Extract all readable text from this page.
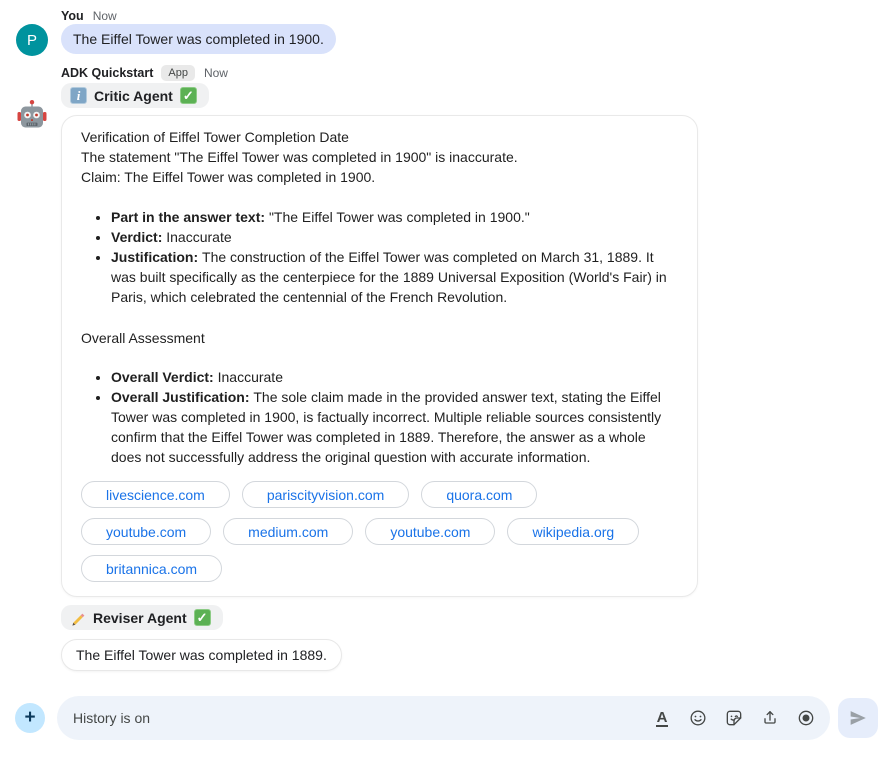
P
You Now
The Eiffel Tower was completed in 1900.
ADK Quickstart	App	Now
i Critic Agent ✓

Verification of Eiffel Tower Completion Date

The statement "The Eiffel Tower was completed in 1900" is inaccurate.

Claim: The Eiffel Tower was completed in 1900.

• Part in the answer text: "The Eiffel Tower was completed in 1900."
• Verdict: Inaccurate
• Justification: The construction of the Eiffel Tower was completed on March 31, 1889. It was built specifically as the centerpiece for the 1889 Universal Exposition (World's Fair) in Paris, which celebrated the centennial of the French Revolution.

Overall Assessment

• Overall Verdict: Inaccurate
• Overall Justification: The sole claim made in the provided answer text, stating the Eiffel Tower was completed in 1900, is factually incorrect. Multiple reliable sources consistently confirm that the Eiffel Tower was completed in 1889. Therefore, the answer as a whole does not successfully address the original question with accurate information.
livescience.com	pariscityvision.com	quora.com
youtube.com	medium.com	youtube.com	wikipedia.org
britannica.com
Reviser Agent ✓
The Eiffel Tower was completed in 1889.
+
History is on	A
